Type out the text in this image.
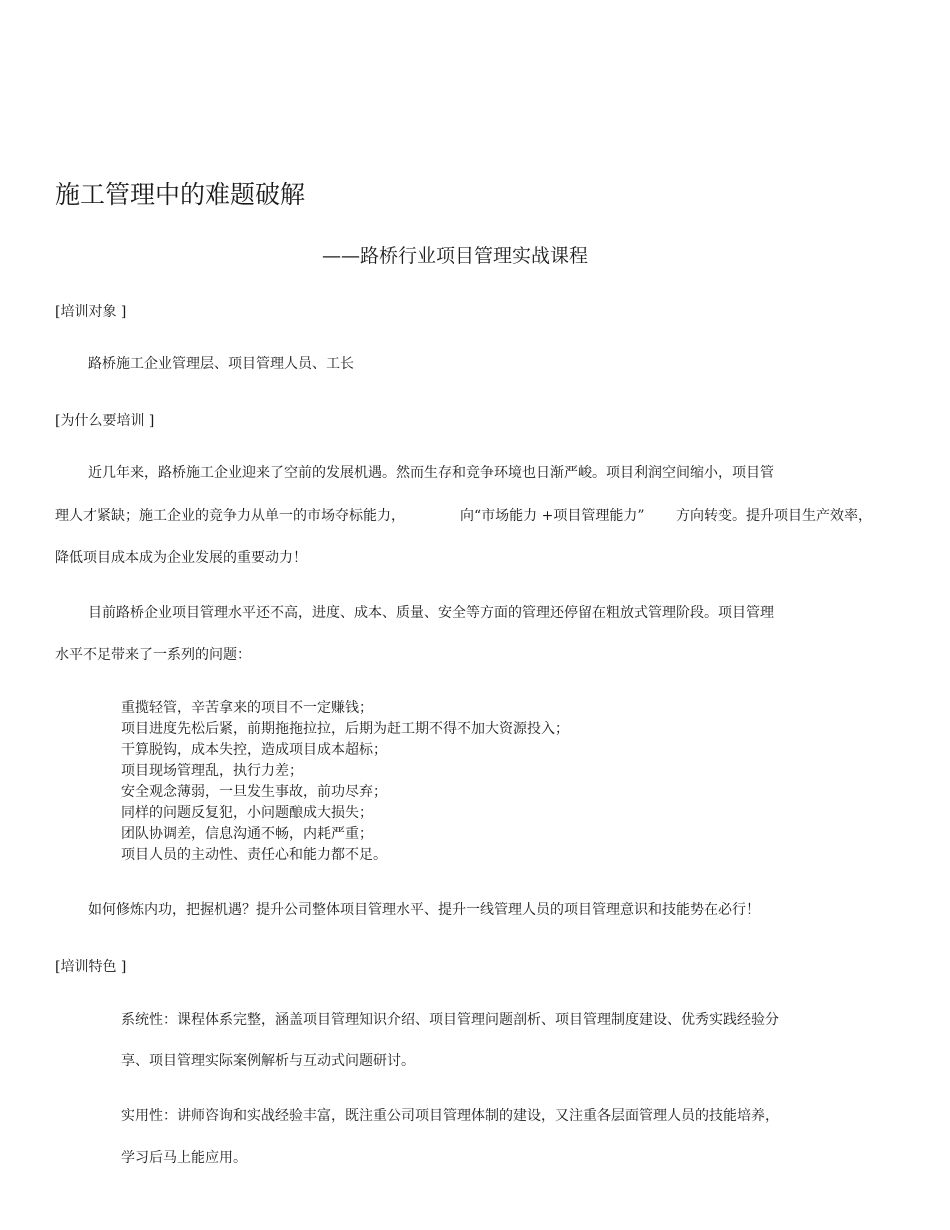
施工管理中的难题破解
——路桥行业项目管理实战课程
[培训对象 ]
路桥施工企业管理层、项目管理人员、工长
[为什么要培训 ]
近几年来，路桥施工企业迎来了空前的发展机遇。然而生存和竞争环境也日渐严峻。项目利润空间缩小，项目管
理人才紧缺；施工企业的竞争力从单一的市场夺标能力，	向“市场能力 +项目管理能力” 方向转变。提升项目生产效率，
降低项目成本成为企业发展的重要动力！
目前路桥企业项目管理水平还不高，进度、成本、质量、安全等方面的管理还停留在粗放式管理阶段。项目管理
水平不足带来了一系列的问题：
重揽轻管，辛苦拿来的项目不一定赚钱；
项目进度先松后紧，前期拖拖拉拉，后期为赶工期不得不加大资源投入；
干算脱钩，成本失控，造成项目成本超标；
项目现场管理乱，执行力差；
安全观念薄弱，一旦发生事故，前功尽弃；
同样的问题反复犯，小问题酿成大损失；
团队协调差，信息沟通不畅，内耗严重；
项目人员的主动性、责任心和能力都不足。
如何修炼内功，把握机遇？提升公司整体项目管理水平、提升一线管理人员的项目管理意识和技能势在必行！
[培训特色 ]
系统性：课程体系完整，涵盖项目管理知识介绍、项目管理问题剖析、项目管理制度建设、优秀实践经验分
享、项目管理实际案例解析与互动式问题研讨。
实用性：讲师咨询和实战经验丰富，既注重公司项目管理体制的建设，又注重各层面管理人员的技能培养，
学习后马上能应用。
